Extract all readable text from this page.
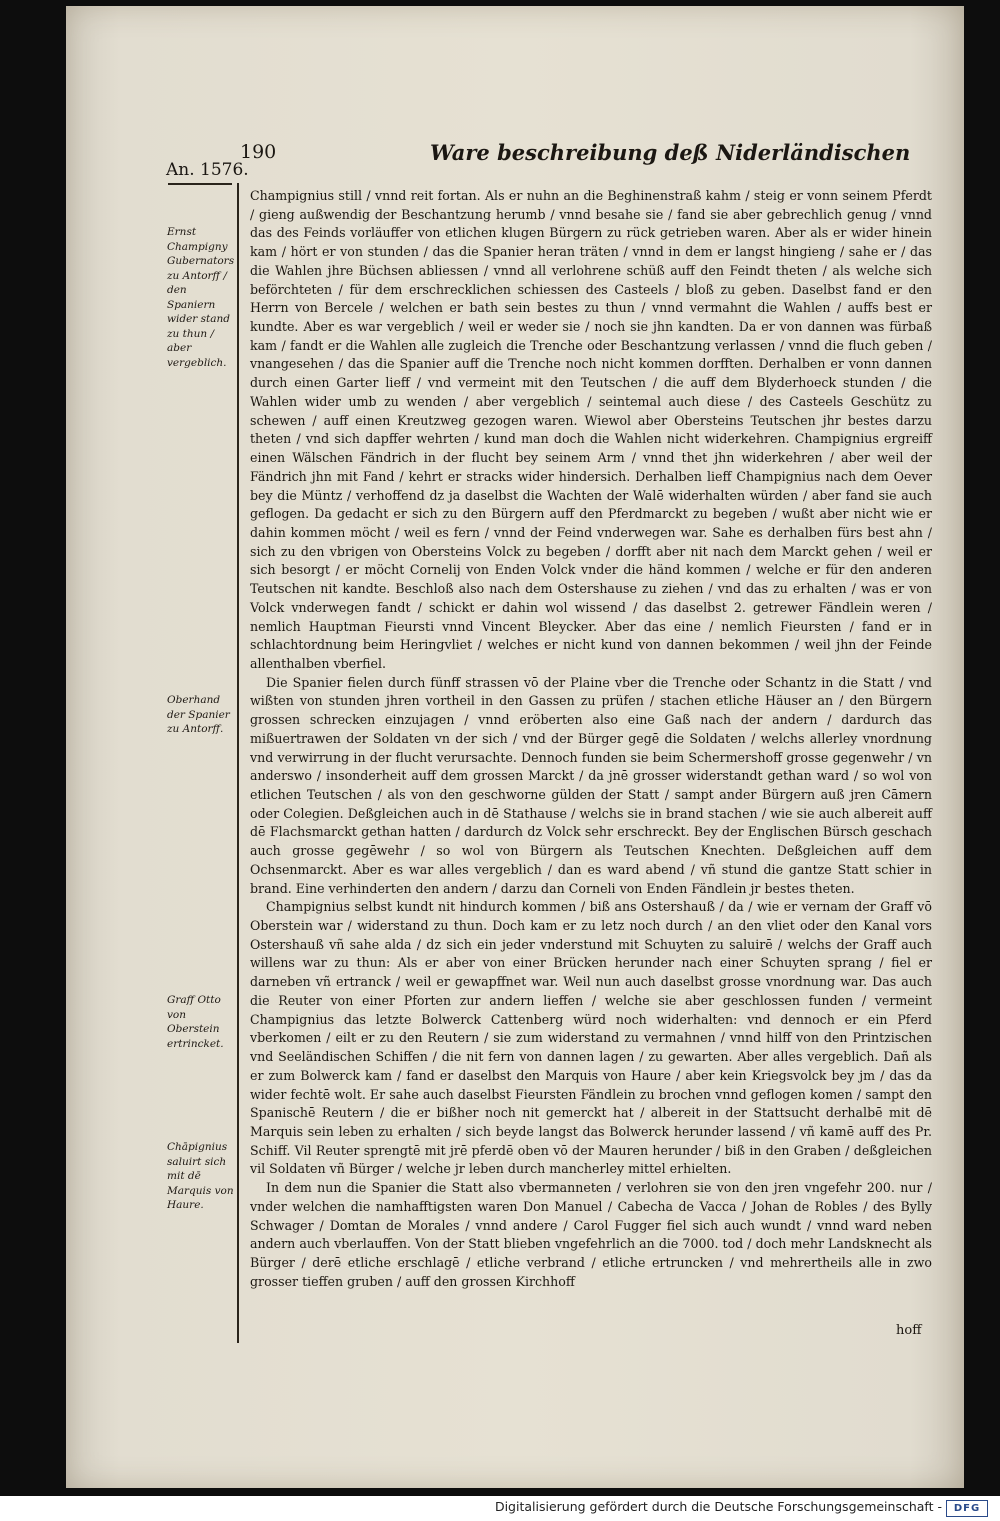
An. 1576.
190	Ware beschreibung deß Niderländischen
Ernst Champigny Gubernators zu Antorff / den Spaniern wider stand zu thun / aber vergeblich.
Oberhand der Spanier zu Antorff.
Graff Otto von Oberstein ertrincket.
Chāpignius saluirt sich mit dē Marquis von Haure.

Champignius still / vnnd reit fortan. Als er nuhn an die Beghinenstraß kahm / steig er vonn seinem Pferdt / gieng außwendig der Beschantzung herumb / vnnd besahe sie / fand sie aber gebrechlich genug / vnnd das des Feinds vorläuffer von etlichen klugen Bürgern zu rück getrieben waren. Aber als er wider hinein kam / hört er von stunden / das die Spanier heran träten / vnnd in dem er langst hingieng / sahe er / das die Wahlen jhre Büchsen abliessen / vnnd all verlohrene schüß auff den Feindt theten / als welche sich beförchteten / für dem erschrecklichen schiessen des Casteels / bloß zu geben. Daselbst fand er den Herrn von Bercele / welchen er bath sein bestes zu thun / vnnd vermahnt die Wahlen / auffs best er kundte. Aber es war vergeblich / weil er weder sie / noch sie jhn kandten. Da er von dannen was fürbaß kam / fandt er die Wahlen alle zugleich die Trenche oder Beschantzung verlassen / vnnd die fluch geben / vnangesehen / das die Spanier auff die Trenche noch nicht kommen dorfften. Derhalben er vonn dannen durch einen Garter lieff / vnd vermeint mit den Teutschen / die auff dem Blyderhoeck stunden / die Wahlen wider umb zu wenden / aber vergeblich / seintemal auch diese / des Casteels Geschütz zu schewen / auff einen Kreutzweg gezogen waren. Wiewol aber Obersteins Teutschen jhr bestes darzu theten / vnd sich dapffer wehrten / kund man doch die Wahlen nicht widerkehren. Champignius ergreiff einen Wälschen Fändrich in der flucht bey seinem Arm / vnnd thet jhn widerkehren / aber weil der Fändrich jhn mit Fand / kehrt er stracks wider hindersich. Derhalben lieff Champignius nach dem Oever bey die Müntz / verhoffend dz ja daselbst die Wachten der Walē widerhalten würden / aber fand sie auch geflogen. Da gedacht er sich zu den Bürgern auff den Pferdmarckt zu begeben / wußt aber nicht wie er dahin kommen möcht / weil es fern / vnnd der Feind vnderwegen war. Sahe es derhalben fürs best ahn / sich zu den vbrigen von Obersteins Volck zu begeben / dorfft aber nit nach dem Marckt gehen / weil er sich besorgt / er möcht Cornelij von Enden Volck vnder die händ kommen / welche er für den anderen Teutschen nit kandte. Beschloß also nach dem Ostershause zu ziehen / vnd das zu erhalten / was er von Volck vnderwegen fandt / schickt er dahin wol wissend / das daselbst 2. getrewer Fändlein weren / nemlich Hauptman Fieursti vnnd Vincent Bleycker. Aber das eine / nemlich Fieursten / fand er in schlachtordnung beim Heringvliet / welches er nicht kund von dannen bekommen / weil jhn der Feinde allenthalben vberfiel.

Die Spanier fielen durch fünff strassen vō der Plaine vber die Trenche oder Schantz in die Statt / vnd wißten von stunden jhren vortheil in den Gassen zu prüfen / stachen etliche Häuser an / den Bürgern grossen schrecken einzujagen / vnnd eröberten also eine Gaß nach der andern / dardurch das mißuertrawen der Soldaten vn der sich / vnd der Bürger gegē die Soldaten / welchs allerley vnordnung vnd verwirrung in der flucht verursachte. Dennoch funden sie beim Schermershoff grosse gegenwehr / vn anderswo / insonderheit auff dem grossen Marckt / da jnē grosser widerstandt gethan ward / so wol von etlichen Teutschen / als von den geschworne gülden der Statt / sampt ander Bürgern auß jren Cāmern oder Colegien. Deßgleichen auch in dē Stathause / welchs sie in brand stachen / wie sie auch albereit auff dē Flachsmarckt gethan hatten / dardurch dz Volck sehr erschreckt. Bey der Englischen Bürsch geschach auch grosse gegēwehr / so wol von Bürgern als Teutschen Knechten. Deßgleichen auff dem Ochsenmarckt. Aber es war alles vergeblich / dan es ward abend / vñ stund die gantze Statt schier in brand. Eine verhinderten den andern / darzu dan Corneli von Enden Fändlein jr bestes theten.

Champignius selbst kundt nit hindurch kommen / biß ans Ostershauß / da / wie er vernam der Graff vō Oberstein war / widerstand zu thun. Doch kam er zu letz noch durch / an den vliet oder den Kanal vors Ostershauß vñ sahe alda / dz sich ein jeder vnderstund mit Schuyten zu saluirē / welchs der Graff auch willens war zu thun: Als er aber von einer Brücken herunder nach einer Schuyten sprang / fiel er darneben vñ ertranck / weil er gewapffnet war. Weil nun auch daselbst grosse vnordnung war. Das auch die Reuter von einer Pforten zur andern lieffen / welche sie aber geschlossen funden / vermeint Champignius das letzte Bolwerck Cattenberg würd noch widerhalten: vnd dennoch er ein Pferd vberkomen / eilt er zu den Reutern / sie zum widerstand zu vermahnen / vnnd hilff von den Printzischen vnd Seeländischen Schiffen / die nit fern von dannen lagen / zu gewarten. Aber alles vergeblich. Dañ als er zum Bolwerck kam / fand er daselbst den Marquis von Haure / aber kein Kriegsvolck bey jm / das da wider fechtē wolt. Er sahe auch daselbst Fieursten Fändlein zu brochen vnnd geflogen komen / sampt den Spanischē Reutern / die er bißher noch nit gemerckt hat / albereit in der Stattsucht derhalbē mit dē Marquis sein leben zu erhalten / sich beyde langst das Bolwerck herunder lassend / vñ kamē auff des Pr. Schiff. Vil Reuter sprengtē mit jrē pferdē oben vō der Mauren herunder / biß in den Graben / deßgleichen vil Soldaten vñ Bürger / welche jr leben durch mancherley mittel erhielten.

In dem nun die Spanier die Statt also vbermanneten / verlohren sie von den jren vngefehr 200. nur / vnder welchen die namhafftigsten waren Don Manuel / Cabecha de Vacca / Johan de Robles / des Bylly Schwager / Domtan de Morales / vnnd andere / Carol Fugger fiel sich auch wundt / vnnd ward neben andern auch vberlauffen. Von der Statt blieben vngefehrlich an die 7000. tod / doch mehr Landsknecht als Bürger / derē etliche erschlagē / etliche verbrand / etliche ertruncken / vnd mehrertheils alle in zwo grosser tieffen gruben / auff den grossen Kirchhoff

hoff
Digitalisierung gefördert durch die Deutsche Forschungsgemeinschaft -	DFG
